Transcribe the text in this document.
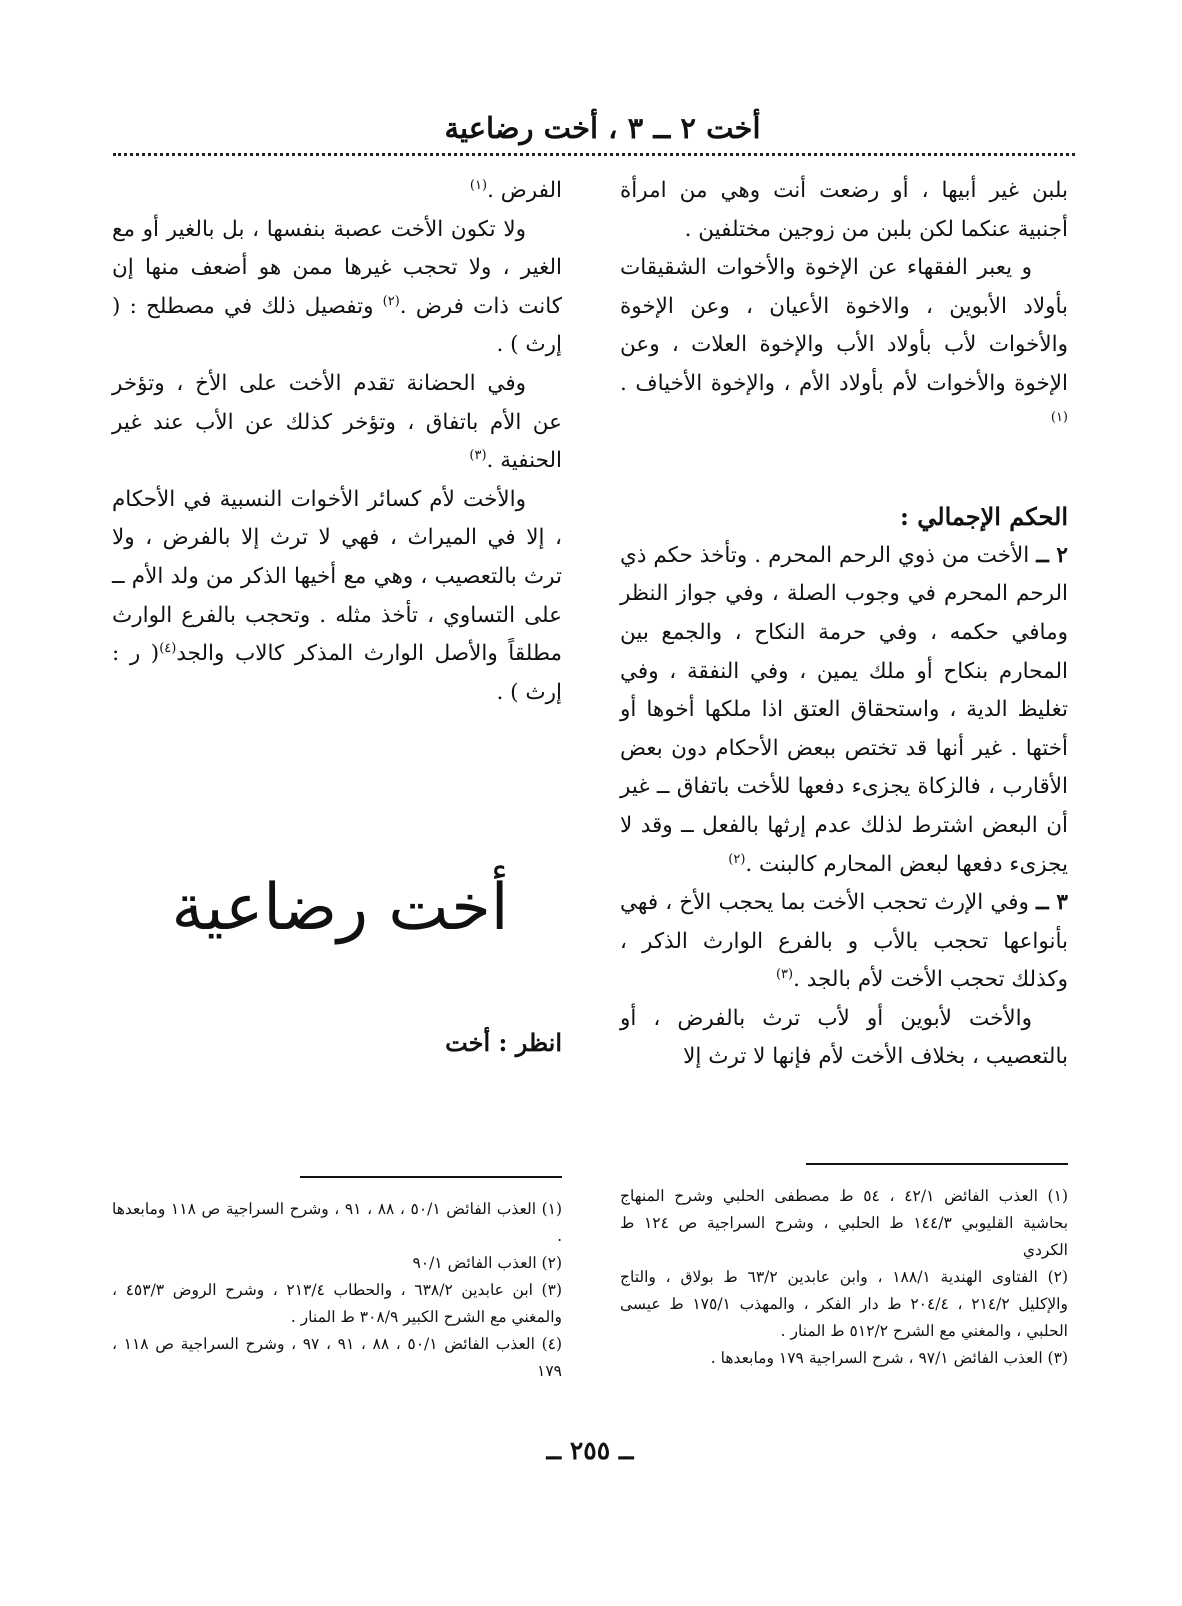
أخت ٢ ــ ٣ ، أخت رضاعية

بلبن غير أبيها ، أو رضعت أنت وهي من امرأة أجنبية عنكما لكن بلبن من زوجين مختلفين .

و يعبر الفقهاء عن الإخوة والأخوات الشقيقات بأولاد الأبوين ، والاخوة الأعيان ، وعن الإخوة والأخوات لأب بأولاد الأب والإخوة العلات ، وعن الإخوة والأخوات لأم بأولاد الأم ، والإخوة الأخياف .$^{(١)}$

الحكم الإجمالي :

٢ ــ الأخت من ذوي الرحم المحرم . وتأخذ حكم ذي الرحم المحرم في وجوب الصلة ، وفي جواز النظر ومافي حكمه ، وفي حرمة النكاح ، والجمع بين المحارم بنكاح أو ملك يمين ، وفي النفقة ، وفي تغليظ الدية ، واستحقاق العتق اذا ملكها أخوها أو أختها . غير أنها قد تختص ببعض الأحكام دون بعض الأقارب ، فالزكاة يجزىء دفعها للأخت باتفاق ــ غير أن البعض اشترط لذلك عدم إرثها بالفعل ــ وقد لا يجزىء دفعها لبعض المحارم كالبنت .$^{(٢)}$

٣ ــ وفي الإرث تحجب الأخت بما يحجب الأخ ، فهي بأنواعها تحجب بالأب و بالفرع الوارث الذكر ، وكذلك تحجب الأخت لأم بالجد .$^{(٣)}$

والأخت لأبوين أو لأب ترث بالفرض ، أو بالتعصيب ، بخلاف الأخت لأم فإنها لا ترث إلا

الفرض .$^{(١)}$

ولا تكون الأخت عصبة بنفسها ، بل بالغير أو مع الغير ، ولا تحجب غيرها ممن هو أضعف منها إن كانت ذات فرض .$^{(٢)}$ وتفصيل ذلك في مصطلح : ( إرث ) .

وفي الحضانة تقدم الأخت على الأخ ، وتؤخر عن الأم باتفاق ، وتؤخر كذلك عن الأب عند غير الحنفية .$^{(٣)}$

والأخت لأم كسائر الأخوات النسبية في الأحكام ، إلا في الميراث ، فهي لا ترث إلا بالفرض ، ولا ترث بالتعصيب ، وهي مع أخيها الذكر من ولد الأم ــ على التساوي ، تأخذ مثله . وتحجب بالفرع الوارث مطلقاً والأصل الوارث المذكر كالاب والجد$^{(٤)}$( ر : إرث ) .

أخت رضاعية
انظر : أخت

(١) العذب الفائض ٤٢/١ ، ٥٤ ط مصطفى الحلبي وشرح المنهاج بحاشية القليوبي ١٤٤/٣ ط الحلبي ، وشرح السراجية ص ١٢٤ ط الكردي

(٢) الفتاوى الهندية ١٨٨/١ ، وابن عابدين ٦٣/٢ ط بولاق ، والتاج والإكليل ٢١٤/٢ ، ٢٠٤/٤ ط دار الفكر ، والمهذب ١٧٥/١ ط عيسى الحلبي ، والمغني مع الشرح ٥١٢/٢ ط المنار .

(٣) العذب الفائض ٩٧/١ ، شرح السراجية ١٧٩ ومابعدها .

(١) العذب الفائض ٥٠/١ ، ٨٨ ، ٩١ ، وشرح السراجية ص ١١٨ ومابعدها .

(٢) العذب الفائض ٩٠/١

(٣) ابن عابدين ٦٣٨/٢ ، والحطاب ٢١٣/٤ ، وشرح الروض ٤٥٣/٣ ، والمغني مع الشرح الكبير ٣٠٨/٩ ط المنار .

(٤) العذب الفائض ٥٠/١ ، ٨٨ ، ٩١ ، ٩٧ ، وشرح السراجية ص ١١٨ ، ١٧٩

ــ ٢٥٥ ــ
